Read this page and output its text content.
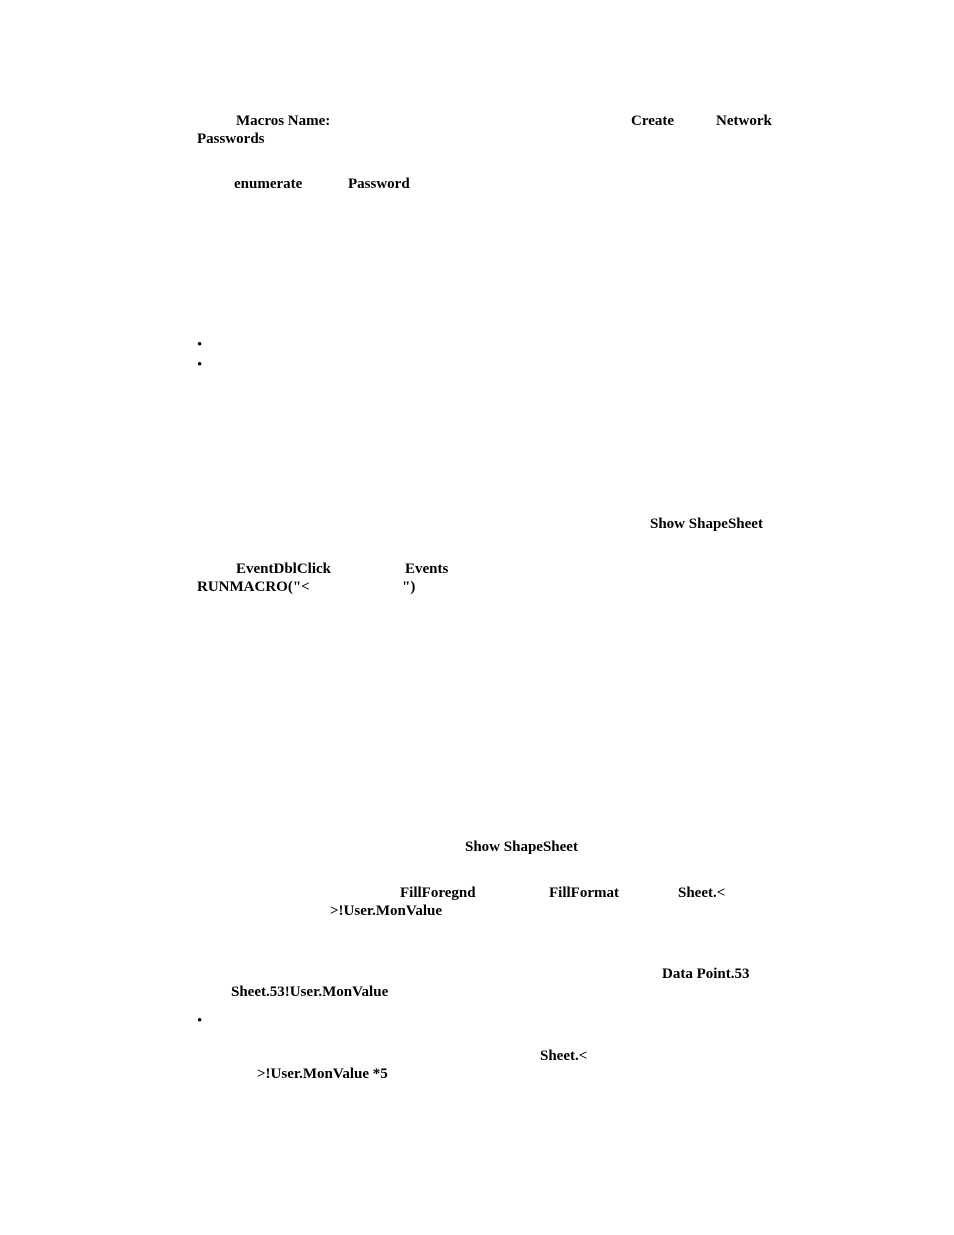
Macros Name:	Create	Network
Passwords
enumerate	Password
•
•
Show ShapeSheet
EventDblClick	Events
RUNMACRO("<	")
Show ShapeSheet
FillForegnd	FillFormat	Sheet.<
>!User.MonValue
Data Point.53
Sheet.53!User.MonValue
•
Sheet.<
>!User.MonValue *5
